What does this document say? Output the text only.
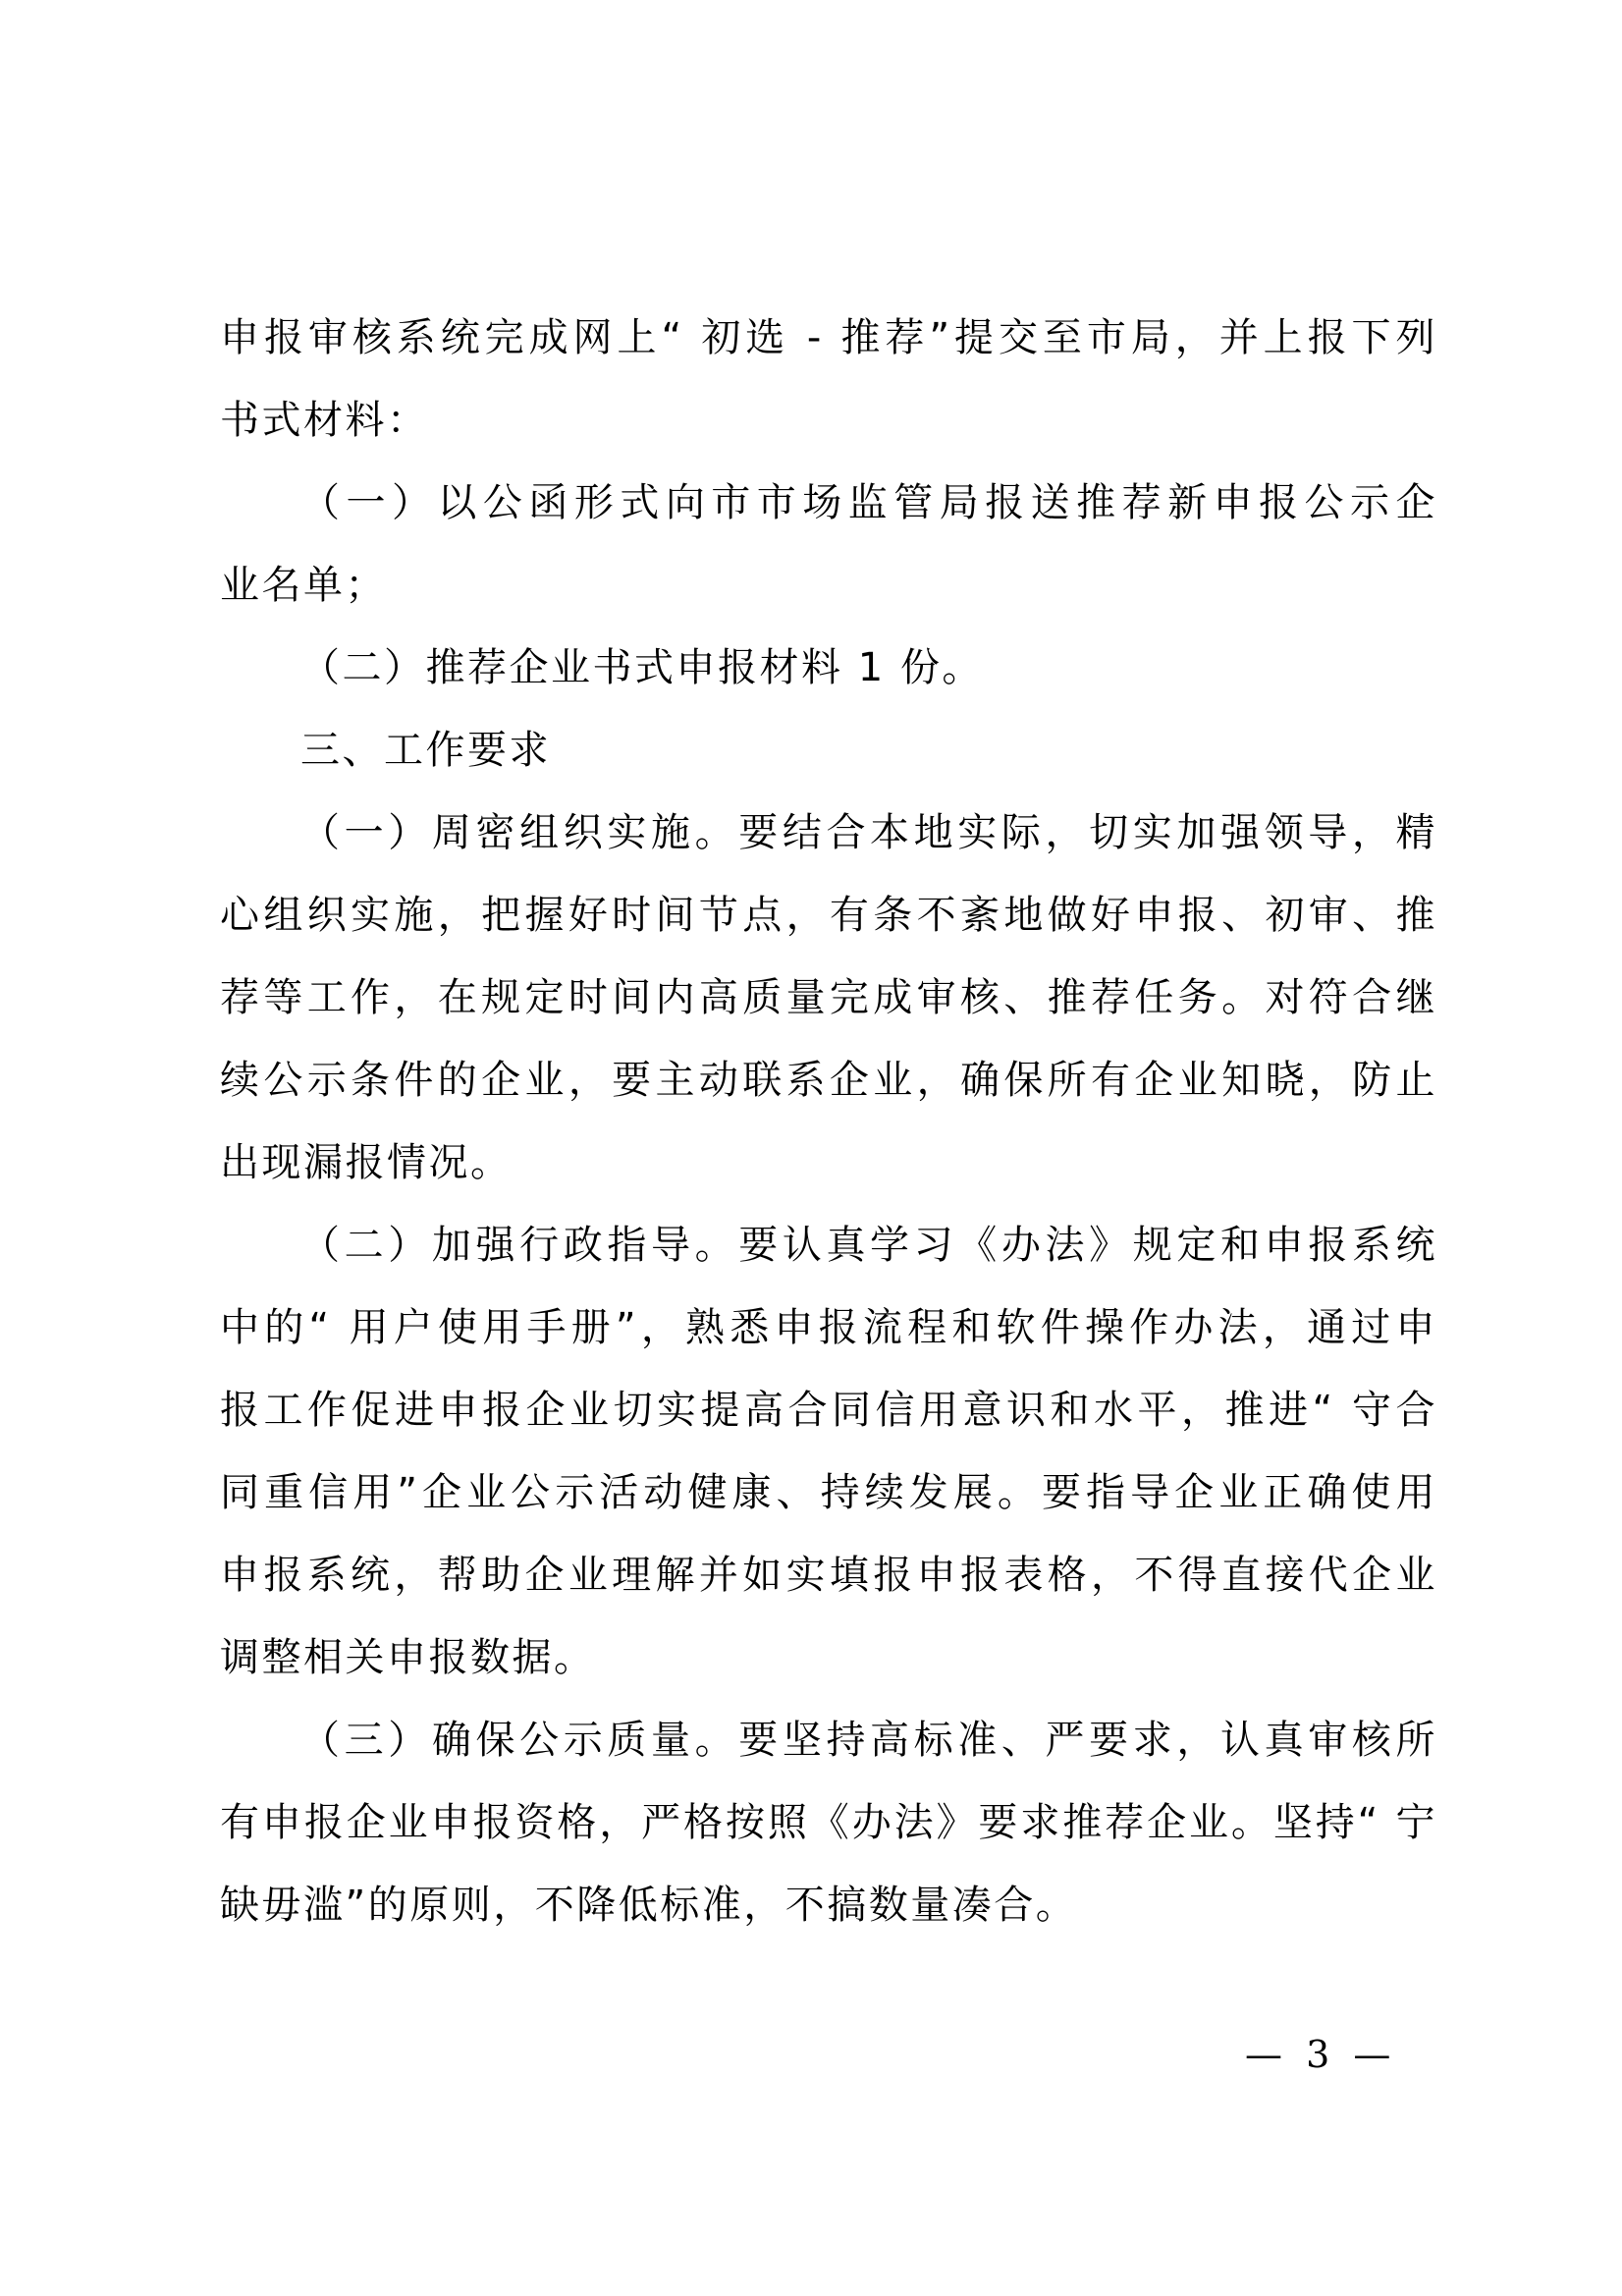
申报审核系统完成网上“ 初选 - 推荐”提交至市局，并上报下列
书式材料：
（一）以公函形式向市市场监管局报送推荐新申报公示企
业名单；
（二）推荐企业书式申报材料 1 份。
三、工作要求
（一）周密组织实施。要结合本地实际，切实加强领导，精
心组织实施，把握好时间节点，有条不紊地做好申报、初审、推
荐等工作，在规定时间内高质量完成审核、推荐任务。对符合继
续公示条件的企业，要主动联系企业，确保所有企业知晓，防止
出现漏报情况。
（二）加强行政指导。要认真学习《办法》规定和申报系统
中的“ 用户使用手册”，熟悉申报流程和软件操作办法，通过申
报工作促进申报企业切实提高合同信用意识和水平，推进“ 守合
同重信用”企业公示活动健康、持续发展。要指导企业正确使用
申报系统，帮助企业理解并如实填报申报表格，不得直接代企业
调整相关申报数据。
（三）确保公示质量。要坚持高标准、严要求，认真审核所
有申报企业申报资格，严格按照《办法》要求推荐企业。坚持“ 宁
缺毋滥”的原则，不降低标准，不搞数量凑合。
— 3 —
